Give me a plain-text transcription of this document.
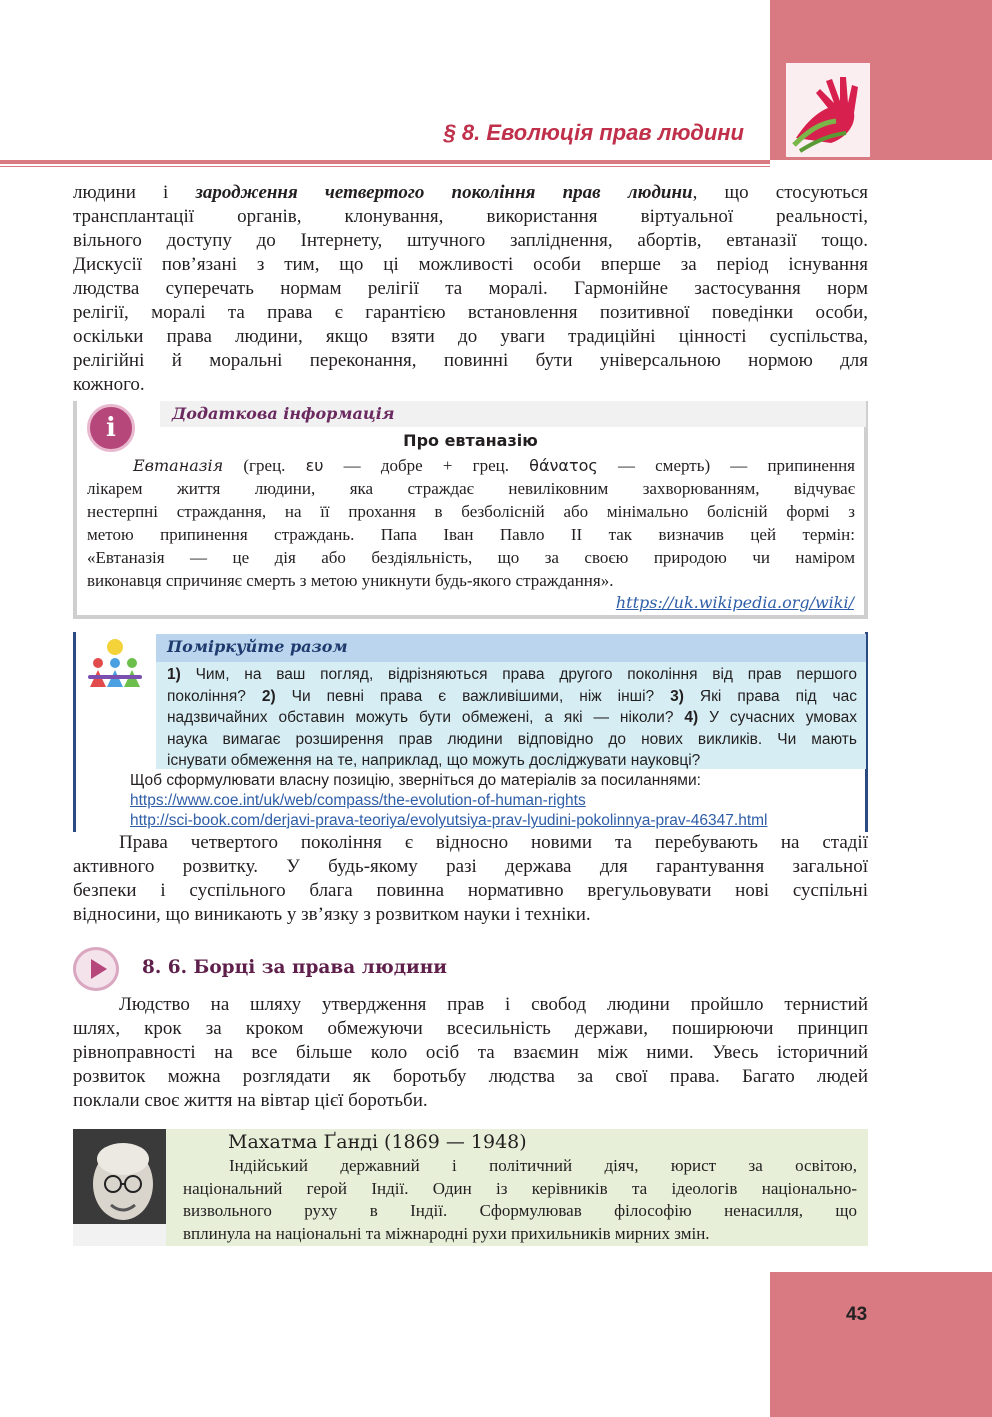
§ 8. Еволюція прав людини
людини і зародження четвертого покоління прав людини, що стосуються
трансплантації органів, клонування, використання віртуальної реальності,
вільного доступу до Інтернету, штучного запліднення, абортів, евтаназії тощо.
Дискусії пов’язані з тим, що ці можливості особи вперше за період існування
людства суперечать нормам релігії та моралі. Гармонійне застосування норм
релігії, моралі та права є гарантією встановлення позитивної поведінки особи,
оскільки права людини, якщо взяти до уваги традиційні цінності суспільства,
релігійні й моральні переконання, повинні бути універсальною нормою для
кожного.
Додаткова інформація
i	Про евтаназію
Евтаназія (грец. ευ — добре + грец. θάνατος — смерть) — припинення
лікарем життя людини, яка страждає невиліковним захворюванням, відчуває
нестерпні страждання, на її прохання в безболісній або мінімально болісній формі з
метою припинення страждань. Папа Іван Павло ІІ так визначив цей термін:
«Евтаназія — це дія або бездіяльність, що за своєю природою чи наміром
виконавця спричиняє смерть з метою уникнути будь-якого страждання».
https://uk.wikipedia.org/wiki/
Поміркуйте разом
1) Чим, на ваш погляд, відрізняються права другого покоління від прав першого
покоління? 2) Чи певні права є важливішими, ніж інші? 3) Які права під час
надзвичайних обставин можуть бути обмежені, а які — ніколи? 4) У сучасних умовах
наука вимагає розширення прав людини відповідно до нових викликів. Чи мають
існувати обмеження на те, наприклад, що можуть досліджувати науковці?
Щоб сформулювати власну позицію, зверніться до матеріалів за посиланнями:
https://www.coe.int/uk/web/compass/the-evolution-of-human-rights
http://sci-book.com/derjavi-prava-teoriya/evolyutsiya-prav-lyudini-pokolinnya-prav-46347.html
Права четвертого покоління є відносно новими та перебувають на стадії
активного розвитку. У будь-якому разі держава для гарантування загальної
безпеки і суспільного блага повинна нормативно врегульовувати нові суспільні
відносини, що виникають у зв’язку з розвитком науки і техніки.
8. 6. Борці за права людини
Людство на шляху утвердження прав і свобод людини пройшло тернистий
шлях, крок за кроком обмежуючи всесильність держави, поширюючи принцип
рівноправності на все більше коло осіб та взаємин між ними. Увесь історичний
розвиток можна розглядати як боротьбу людства за свої права. Багато людей
поклали своє життя на вівтар цієї боротьби.
Махатма Ґанді (1869 — 1948)
Індійський державний і політичний діяч, юрист за освітою,
національний герой Індії. Один із керівників та ідеологів національно-
визвольного руху в Індії. Сформулював філософію ненасилля, що
вплинула на національні та міжнародні рухи прихильників мирних змін.
43
